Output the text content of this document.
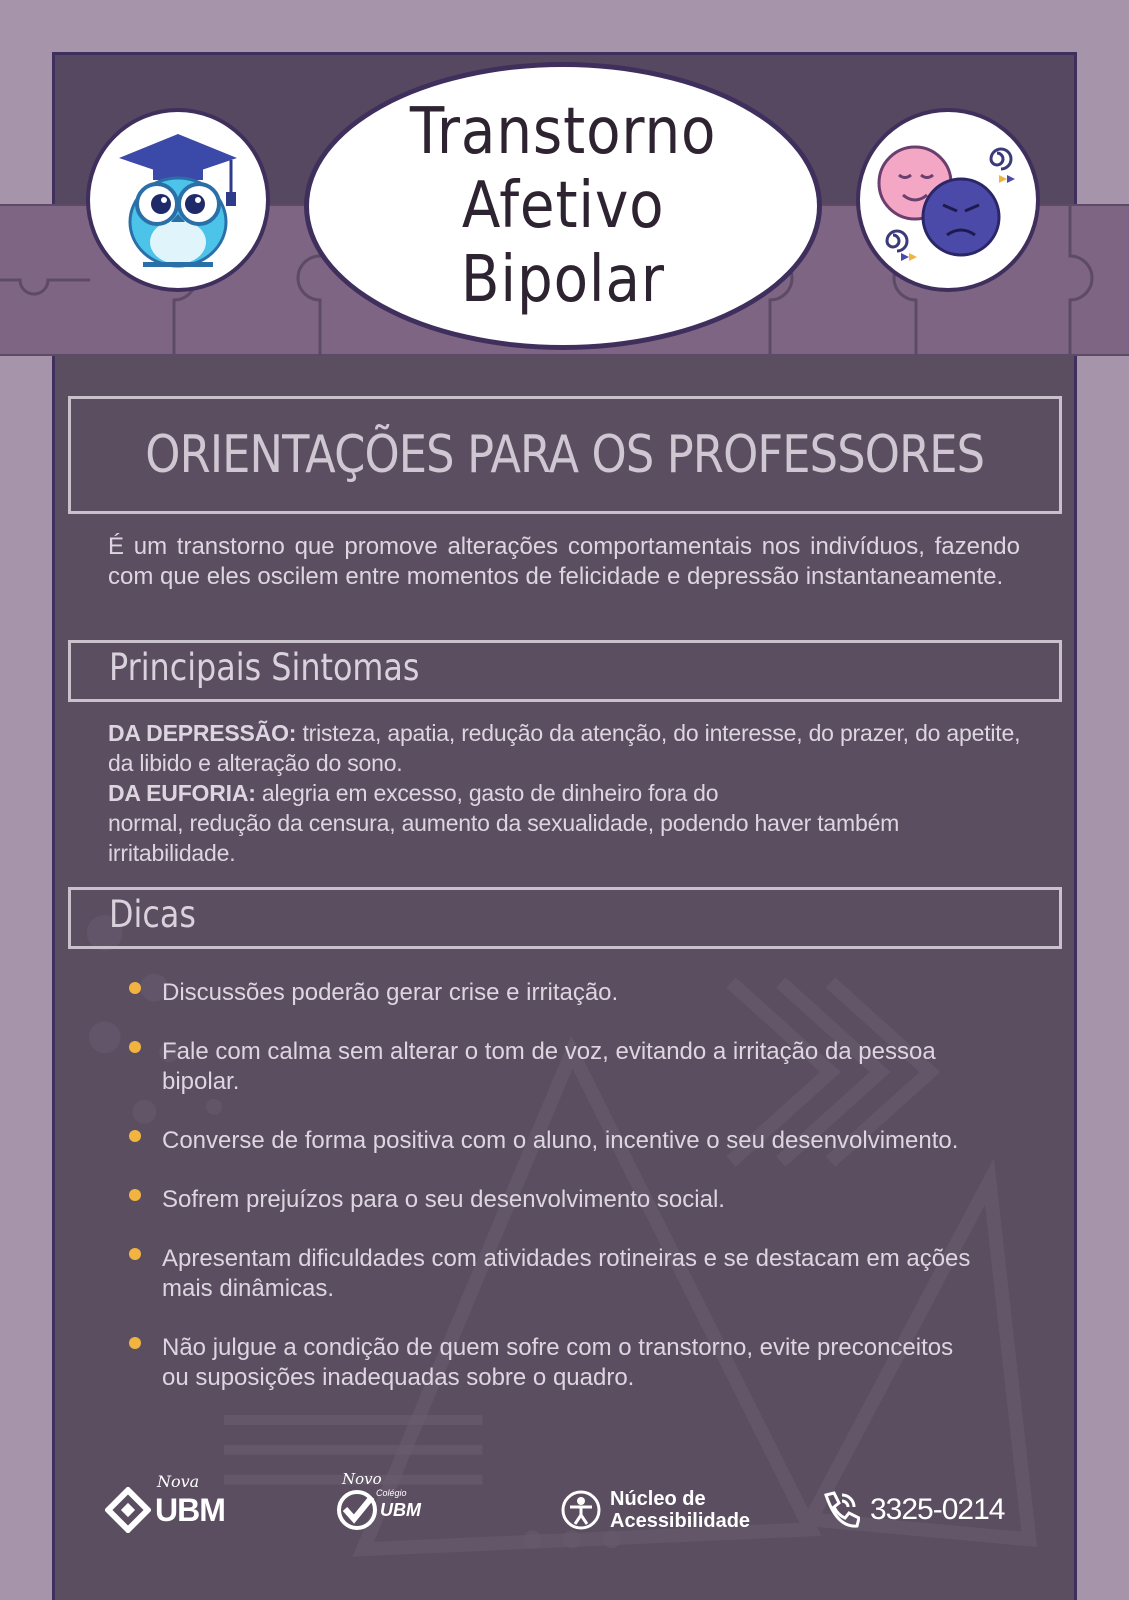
Transtorno
Afetivo
Bipolar
ORIENTAÇÕES PARA OS PROFESSORES
É um transtorno que promove alterações comportamentais nos indivíduos, fazendo com que eles oscilem entre momentos de felicidade e depressão instantaneamente.
Principais Sintomas
DA DEPRESSÃO: tristeza, apatia, redução da atenção, do interesse, do prazer, do apetite, da libido e alteração do sono.
DA EUFORIA: alegria em excesso, gasto de dinheiro fora do
normal, redução da censura, aumento da sexualidade, podendo haver também irritabilidade.
Dicas
Discussões poderão gerar crise e irritação.
Fale com calma sem alterar o tom de voz, evitando a irritação da pessoa bipolar.
Converse de forma positiva com o aluno, incentive o seu desenvolvimento.
Sofrem prejuízos para o seu desenvolvimento social.
Apresentam dificuldades com atividades rotineiras e se destacam em ações mais dinâmicas.
Não julgue a condição de quem sofre com o transtorno, evite preconceitos ou suposições inadequadas sobre o quadro.
Nova
UBM
Novo
Colégio
UBM	Núcleo de
Acessibilidade	3325-0214
